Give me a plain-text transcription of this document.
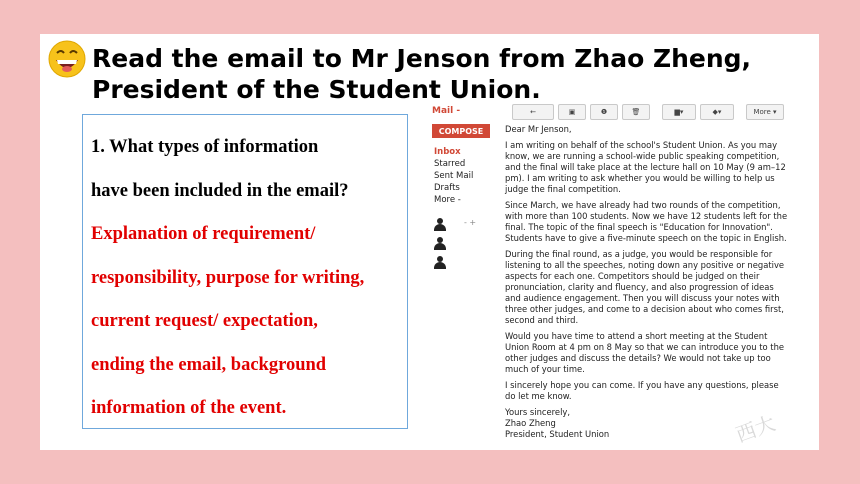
Read the email to Mr Jenson from Zhao Zheng, President of the Student Union.
1. What types of information
have been included in the email?
Explanation of requirement/
responsibility, purpose for writing,
current request/ expectation,
ending the email, background
information of the event.
Mail -	←	▣	❶	🗑	▆▾	◆▾	More ▾
COMPOSE
Inbox
Starred
Sent Mail
Drafts
More -
- +

Dear Mr Jenson,

I am writing on behalf of the school's Student Union. As you may know, we are running a school-wide public speaking competition, and the final will take place at the lecture hall on 10 May (9 am–12 pm). I am writing to ask whether you would be willing to help us judge the final competition.

Since March, we have already had two rounds of the competition, with more than 100 students. Now we have 12 students left for the final. The topic of the final speech is "Education for Innovation". Students have to give a five-minute speech on the topic in English.

During the final round, as a judge, you would be responsible for listening to all the speeches, noting down any positive or negative aspects for each one. Competitors should be judged on their pronunciation, clarity and fluency, and also progression of ideas and audience engagement. Then you will discuss your notes with three other judges, and come to a decision about who comes first, second and third.

Would you have time to attend a short meeting at the Student Union Room at 4 pm on 8 May so that we can introduce you to the other judges and discuss the details? We would not take up too much of your time.

I sincerely hope you can come. If you have any questions, please do let me know.

Yours sincerely,

Zhao Zheng

President, Student Union	西大
